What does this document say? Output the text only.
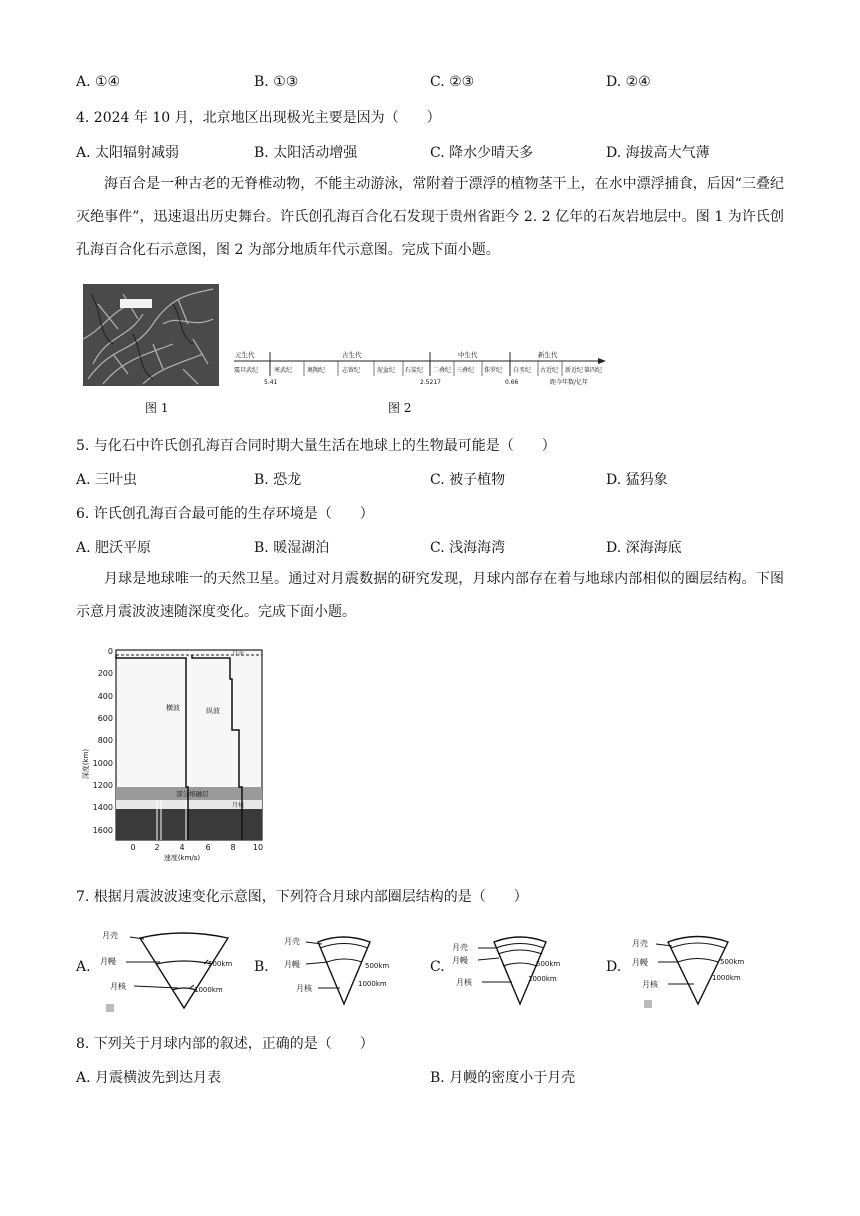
A. ①④	B. ①③	C. ②③	D. ②④
4. 2024 年 10 月，北京地区出现极光主要是因为（　　）
A. 太阳辐射减弱	B. 太阳活动增强	C. 降水少晴天多	D. 海拔高大气薄
海百合是一种古老的无脊椎动物，不能主动游泳，常附着于漂浮的植物茎干上，在水中漂浮捕食，后因“三叠纪灭绝事件”，迅速退出历史舞台。许氏创孔海百合化石发现于贵州省距今 2. 2 亿年的石灰岩地层中。图 1 为许氏创孔海百合化石示意图，图 2 为部分地质年代示意图。完成下面小题。
图 1
元生代	古生代	中生代	新生代
震旦武纪	寒武纪 奥陶纪	志留纪	泥盆纪 石炭纪 二叠纪 三叠纪 侏罗纪 白垩纪 古近纪 新近纪 第四纪
5.41	2.5217	0.66	距今年数/亿年
图 2
5. 与化石中许氏创孔海百合同时期大量生活在地球上的生物最可能是（　　）
A. 三叶虫	B. 恐龙	C. 被子植物	D. 猛犸象
6. 许氏创孔海百合最可能的生存环境是（　　）
A. 肥沃平原	B. 暖湿湖泊	C. 浅海海湾	D. 深海海底
月球是地球唯一的天然卫星。通过对月震数据的研究发现，月球内部存在着与地球内部相似的圈层结构。下图示意月震波波速随深度变化。完成下面小题。
0
200
400
600
800
1000
1200
1400
1600
0 2 4	6 8 10
速度(km/s)
深度(km)
横波	纵波
月壳
部分熔融层
月核
7. 根据月震波波速变化示意图，下列符合月球内部圈层结构的是（　　）
A.
月壳
月幔
月核
500km
1000km
B.
月壳
月幔
月核
500km
1000km
C.
月壳
月幔
月核
500km
1000km
D.
月壳
月幔
月核
500km
1000km
8. 下列关于月球内部的叙述，正确的是（　　）
A. 月震横波先到达月表	B. 月幔的密度小于月壳
